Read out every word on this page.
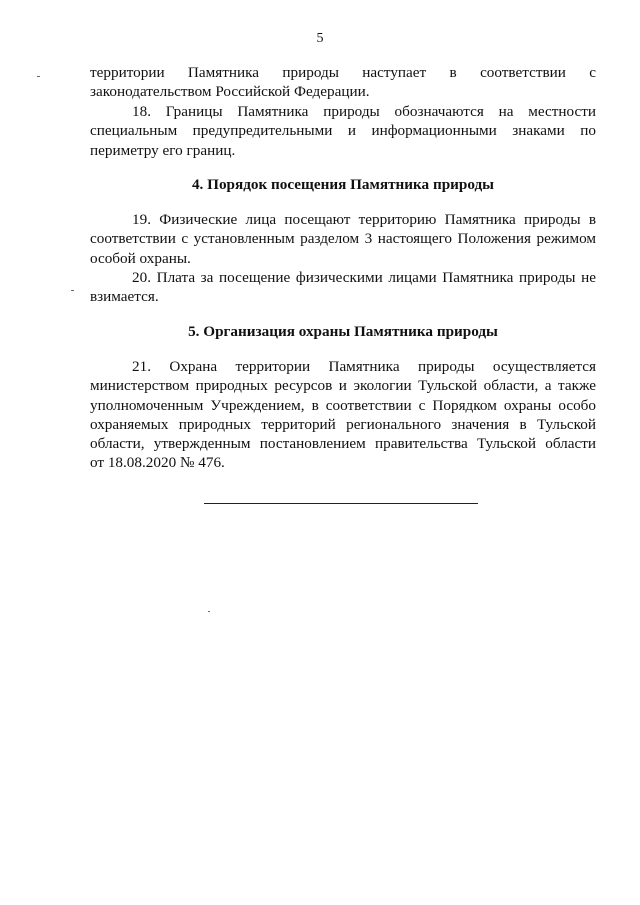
5
территории Памятника природы наступает в соответствии с
законодательством Российской Федерации.
18. Границы Памятника природы обозначаются на местности
специальным предупредительными и информационными знаками по
периметру его границ.
4. Порядок посещения Памятника природы
19. Физические лица посещают территорию Памятника природы в
соответствии с установленным разделом 3 настоящего Положения режимом
особой охраны.
20. Плата за посещение физическими лицами Памятника природы не
взимается.
5. Организация охраны Памятника природы
21. Охрана территории Памятника природы осуществляется
министерством природных ресурсов и экологии Тульской области, а также
уполномоченным Учреждением, в соответствии с Порядком охраны особо
охраняемых природных территорий регионального значения в Тульской
области, утвержденным постановлением правительства Тульской области
от 18.08.2020 № 476.
